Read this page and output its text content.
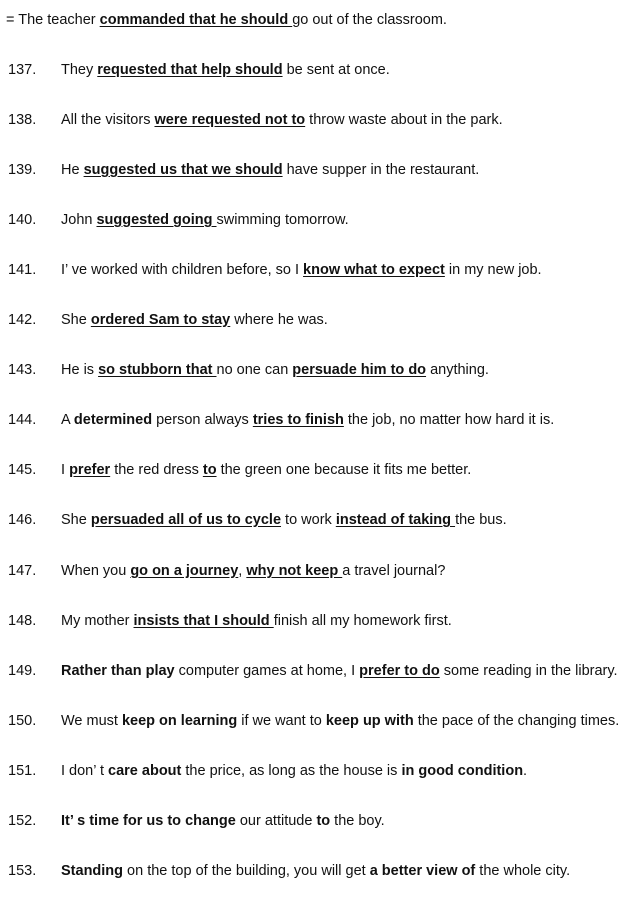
= The teacher commanded that he should go out of the classroom.
137.	They requested that help should be sent at once.
138.	All the visitors were requested not to throw waste about in the park.
139.	He suggested us that we should have supper in the restaurant.
140.	John suggested going swimming tomorrow.
141.	I’ ve worked with children before, so I know what to expect in my new job.
142.	She ordered Sam to stay where he was.
143.	He is so stubborn that no one can persuade him to do anything.
144.	A determined person always tries to finish the job, no matter how hard it is.
145.	I prefer the red dress to the green one because it fits me better.
146.	She persuaded all of us to cycle to work instead of taking the bus.
147.	When you go on a journey, why not keep a travel journal?
148.	My mother insists that I should finish all my homework first.
149.	Rather than play computer games at home, I prefer to do some reading in the library.
150.	We must keep on learning if we want to keep up with the pace of the changing times.
151.	I don’ t care about the price, as long as the house is in good condition.
152.	It’ s time for us to change our attitude to the boy.
153.	Standing on the top of the building, you will get a better view of the whole city.
